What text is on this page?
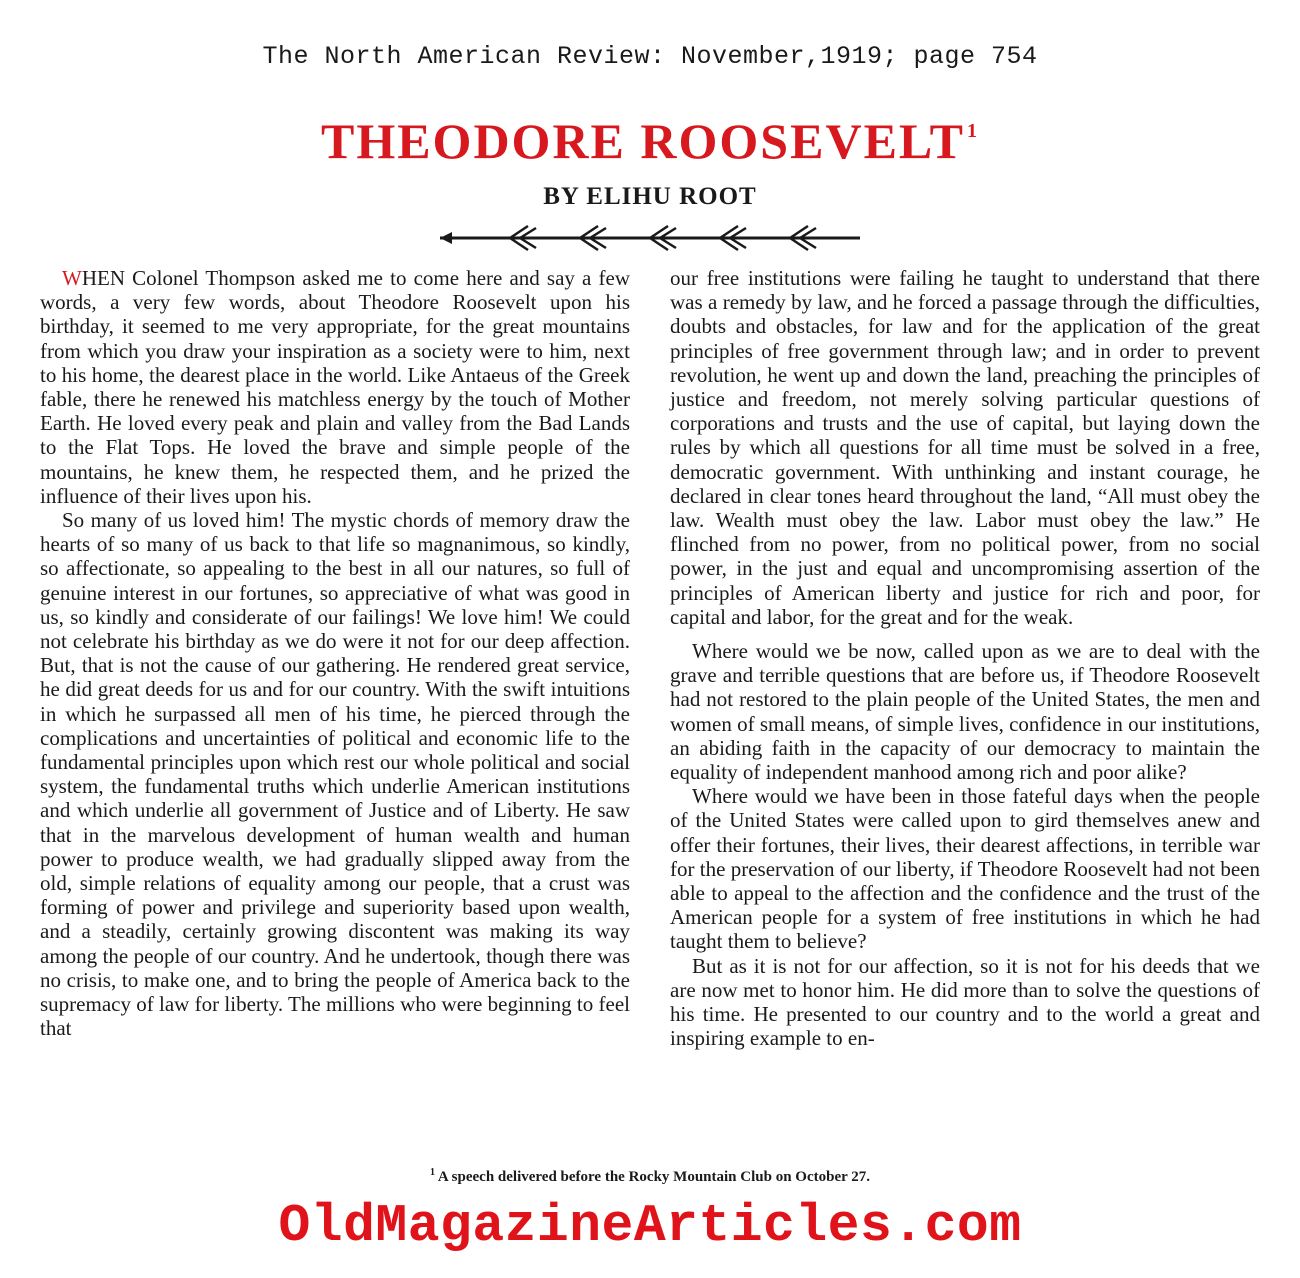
The North American Review: November,1919; page 754
THEODORE ROOSEVELT $^1$
BY ELIHU ROOT

WHEN Colonel Thompson asked me to come here and say a few words, a very few words, about Theodore Roosevelt upon his birthday, it seemed to me very appropriate, for the great mountains from which you draw your inspiration as a society were to him, next to his home, the dearest place in the world. Like Antaeus of the Greek fable, there he renewed his matchless energy by the touch of Mother Earth. He loved every peak and plain and valley from the Bad Lands to the Flat Tops. He loved the brave and simple people of the mountains, he knew them, he respected them, and he prized the influence of their lives upon his.

So many of us loved him! The mystic chords of memory draw the hearts of so many of us back to that life so magnanimous, so kindly, so affectionate, so appealing to the best in all our natures, so full of genuine interest in our fortunes, so appreciative of what was good in us, so kindly and considerate of our failings! We love him! We could not celebrate his birthday as we do were it not for our deep affection. But, that is not the cause of our gathering. He rendered great service, he did great deeds for us and for our country. With the swift intuitions in which he surpassed all men of his time, he pierced through the complications and uncertainties of political and economic life to the fundamental principles upon which rest our whole political and social system, the fundamental truths which underlie American institutions and which underlie all government of Justice and of Liberty. He saw that in the marvelous development of human wealth and human power to produce wealth, we had gradually slipped away from the old, simple relations of equality among our people, that a crust was forming of power and privilege and superiority based upon wealth, and a steadily, certainly growing discontent was making its way among the people of our country. And he undertook, though there was no crisis, to make one, and to bring the people of America back to the supremacy of law for liberty. The millions who were beginning to feel that

our free institutions were failing he taught to understand that there was a remedy by law, and he forced a passage through the difficulties, doubts and obstacles, for law and for the application of the great principles of free government through law; and in order to prevent revolution, he went up and down the land, preaching the principles of justice and freedom, not merely solving particular questions of corporations and trusts and the use of capital, but laying down the rules by which all questions for all time must be solved in a free, democratic government. With unthinking and instant courage, he declared in clear tones heard throughout the land, “All must obey the law. Wealth must obey the law. Labor must obey the law.” He flinched from no power, from no political power, from no social power, in the just and equal and uncompromising assertion of the principles of American liberty and justice for rich and poor, for capital and labor, for the great and for the weak.

Where would we be now, called upon as we are to deal with the grave and terrible questions that are before us, if Theodore Roosevelt had not restored to the plain people of the United States, the men and women of small means, of simple lives, confidence in our institutions, an abiding faith in the capacity of our democracy to maintain the equality of independent manhood among rich and poor alike?

Where would we have been in those fateful days when the people of the United States were called upon to gird themselves anew and offer their fortunes, their lives, their dearest affections, in terrible war for the preservation of our liberty, if Theodore Roosevelt had not been able to appeal to the affection and the confidence and the trust of the American people for a system of free institutions in which he had taught them to believe?

But as it is not for our affection, so it is not for his deeds that we are now met to honor him. He did more than to solve the questions of his time. He presented to our country and to the world a great and inspiring example to en-

$^1$ A speech delivered before the Rocky Mountain Club on October 27.
OldMagazineArticles.com
